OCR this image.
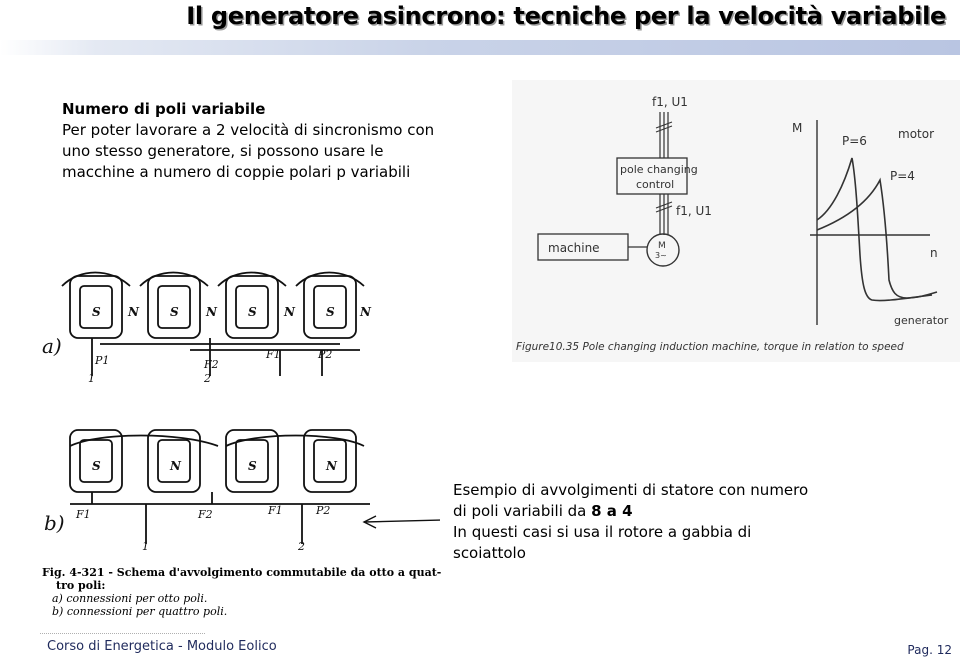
Il generatore asincrono: tecniche per la velocità variabile
Numero di poli variabile
Per poter lavorare a 2 velocità di sincronismo con
uno stesso generatore, si possono usare le
macchine a numero di coppie polari p variabili
f1, U1
pole changing
control
f1, U1
M
3~
machine
M
n
P=6
P=4
motor
generator
Figure10.35 Pole changing induction machine, torque in relation to speed
a)
S N	S N	S N	S N
P1	F2
F1	P2
1	2
b)
S	N	S	N
F1	F2	F1	P2
1	2
Esempio di avvolgimenti di statore con numero
di poli variabili da 8 a 4
In questi casi si usa il rotore a gabbia di
scoiattolo
Fig. 4-321 - Schema d'avvolgimento commutabile da otto a quat-
tro poli:
a) connessioni per otto poli.
b) connessioni per quattro poli.
Corso di Energetica - Modulo Eolico	Pag. 12
